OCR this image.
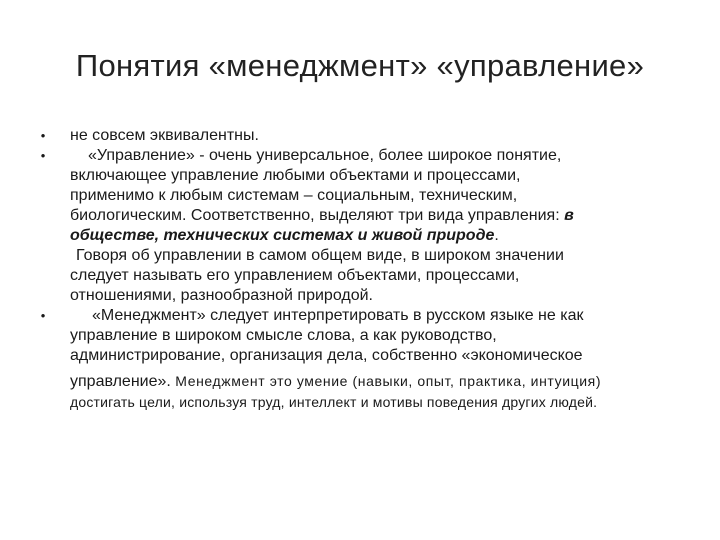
Понятия «менеджмент» «управление»
• не совсем эквивалентны.
•	«Управление» - очень универсальное, более широкое понятие,
включающее управление любыми объектами и процессами,
применимо к любым системам – социальным, техническим,
биологическим. Соответственно, выделяют три вида управления: в
обществе, технических системах и живой природе.
Говоря об управлении в самом общем виде, в широком значении
следует называть его управлением объектами, процессами,
отношениями, разнообразной природой.
•	«Менеджмент» следует интерпретировать в русском языке не как
управление в широком смысле слова, а как руководство,
администрирование, организация дела, собственно «экономическое
управление». Менеджмент это умение (навыки, опыт, практика, интуиция)
достигать цели, используя труд, интеллект и мотивы поведения других людей.
